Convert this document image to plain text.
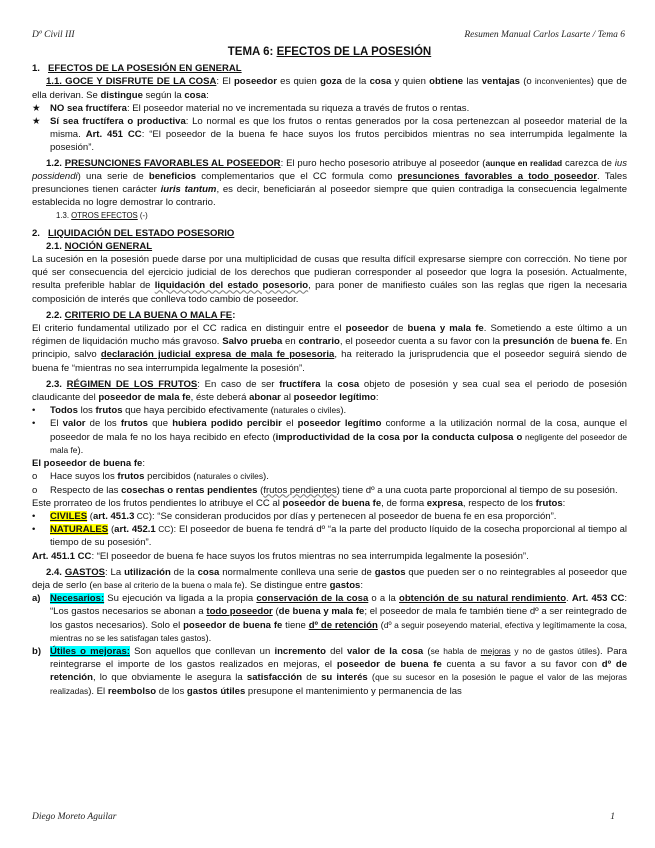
Dº Civil III	Resumen Manual Carlos Lasarte / Tema 6
TEMA 6: EFECTOS DE LA POSESIÓN
1. EFECTOS DE LA POSESIÓN EN GENERAL

1.1. GOCE Y DISFRUTE DE LA COSA: El poseedor es quien goza de la cosa y quien obtiene las ventajas (o inconvenientes) que de ella derivan. Se distingue según la cosa:

★ NO sea fructífera: El poseedor material no ve incrementada su riqueza a través de frutos o rentas.
★ Sí sea fructífera o productiva: Lo normal es que los frutos o rentas generados por la cosa pertenezcan al poseedor material de la misma. Art. 451 CC: “El poseedor de la buena fe hace suyos los frutos percibidos mientras no sea interrumpida legalmente la posesión”.

1.2. PRESUNCIONES FAVORABLES AL POSEEDOR: El puro hecho posesorio atribuye al poseedor (aunque en realidad carezca de ius possidendi) una serie de beneficios complementarios que el CC formula como presunciones favorables a todo poseedor. Tales presunciones tienen carácter iuris tantum, es decir, beneficiarán al poseedor siempre que quien contradiga la consecuencia legalmente establecida no logre demostrar lo contrario.

1.3. OTROS EFECTOS (-)
2. LIQUIDACIÓN DEL ESTADO POSESORIO
2.1. NOCIÓN GENERAL

La sucesión en la posesión puede darse por una multiplicidad de cusas que resulta difícil expresarse siempre con corrección. No tiene por qué ser consecuencia del ejercicio judicial de los derechos que pudieran corresponder al poseedor que logra la posesión. Actualmente, resulta preferible hablar de liquidación del estado posesorio, para poner de manifiesto cuáles son las reglas que rigen la necesaria composición de interés que conlleva todo cambio de poseedor.

2.2. CRITERIO DE LA BUENA O MALA FE:

El criterio fundamental utilizado por el CC radica en distinguir entre el poseedor de buena y mala fe. Sometiendo a este último a un régimen de liquidación mucho más gravoso. Salvo prueba en contrario, el poseedor cuenta a su favor con la presunción de buena fe. En principio, salvo declaración judicial expresa de mala fe posesoria, ha reiterado la jurisprudencia que el poseedor seguirá siendo de buena fe “mientras no sea interrumpida legalmente la posesión”.

2.3. RÉGIMEN DE LOS FRUTOS: En caso de ser fructífera la cosa objeto de posesión y sea cual sea el periodo de posesión claudicante del poseedor de mala fe, éste deberá abonar al poseedor legítimo:

•	Todos los frutos que haya percibido efectivamente (naturales o civiles).
•	El valor de los frutos que hubiera podido percibir el poseedor legítimo conforme a la utilización normal de la cosa, aunque el poseedor de mala fe no los haya recibido en efecto (improductividad de la cosa por la conducta culposa o negligente del poseedor de mala fe).

El poseedor de buena fe:

o	Hace suyos los frutos percibidos (naturales o civiles).
o	Respecto de las cosechas o rentas pendientes (frutos pendientes) tiene dº a una cuota parte proporcional al tiempo de su posesión.

Este prorrateo de los frutos pendientes lo atribuye el CC al poseedor de buena fe, de forma expresa, respecto de los frutos:

•	CIVILES (art. 451.3 CC): “Se consideran producidos por días y pertenecen al poseedor de buena fe en esa proporción”.
•	NATURALES (art. 452.1 CC): El poseedor de buena fe tendrá dº “a la parte del producto líquido de la cosecha proporcional al tiempo al tiempo de su posesión”.

Art. 451.1 CC: “El poseedor de buena fe hace suyos los frutos mientras no sea interrumpida legalmente la posesión”.

2.4. GASTOS: La utilización de la cosa normalmente conlleva una serie de gastos que pueden ser o no reintegrables al poseedor que deja de serlo (en base al criterio de la buena o mala fe). Se distingue entre gastos:

a) Necesarios: Su ejecución va ligada a la propia conservación de la cosa o a la obtención de su natural rendimiento. Art. 453 CC: “Los gastos necesarios se abonan a todo poseedor (de buena y mala fe; el poseedor de mala fe también tiene dº a ser reintegrado de los gastos necesarios). Solo el poseedor de buena fe tiene dº de retención (dº a seguir poseyendo material, efectiva y legítimamente la cosa, mientras no se les satisfagan tales gastos).
b) Útiles o mejoras: Son aquellos que conllevan un incremento del valor de la cosa (se habla de mejoras y no de gastos útiles). Para reintegrarse el importe de los gastos realizados en mejoras, el poseedor de buena fe cuenta a su favor a su favor con dº de retención, lo que obviamente le asegura la satisfacción de su interés (que su sucesor en la posesión le pague el valor de las mejoras realizadas). El reembolso de los gastos útiles presupone el mantenimiento y permanencia de las
Diego Moreto Aguilar	1
